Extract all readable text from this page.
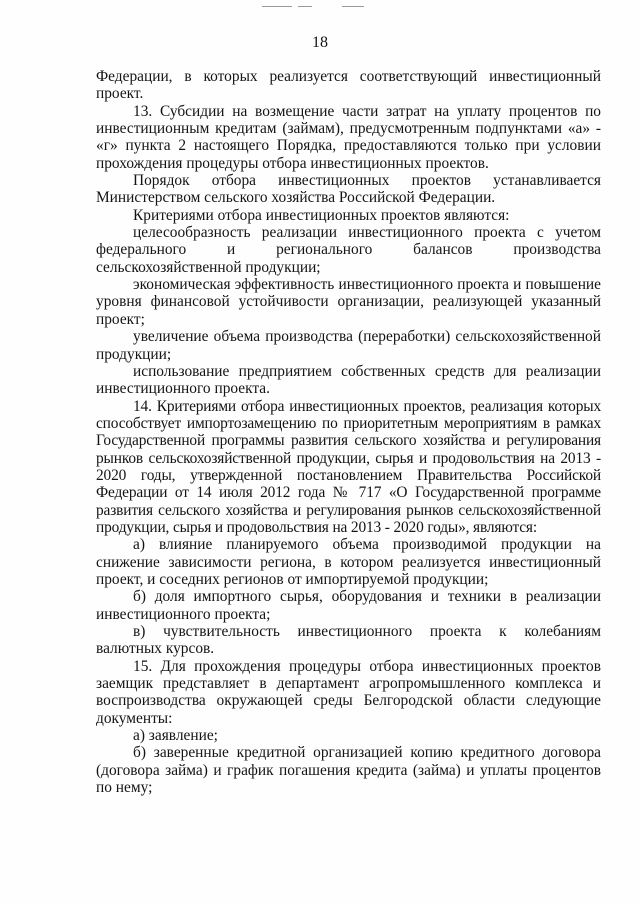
18

Федерации, в которых реализуется соответствующий инвестиционный проект.

13. Субсидии на возмещение части затрат на уплату процентов по инвестиционным кредитам (займам), предусмотренным подпунктами «а» - «г» пункта 2 настоящего Порядка, предоставляются только при условии прохождения процедуры отбора инвестиционных проектов.

Порядок отбора инвестиционных проектов устанавливается Министерством сельского хозяйства Российской Федерации.

Критериями отбора инвестиционных проектов являются:

целесообразность реализации инвестиционного проекта с учетом федерального и регионального балансов производства сельскохозяйственной продукции;

экономическая эффективность инвестиционного проекта и повышение уровня финансовой устойчивости организации, реализующей указанный проект;

увеличение объема производства (переработки) сельскохозяйственной продукции;

использование предприятием собственных средств для реализации инвестиционного проекта.

14. Критериями отбора инвестиционных проектов, реализация которых способствует импортозамещению по приоритетным мероприятиям в рамках Государственной программы развития сельского хозяйства и регулирования рынков сельскохозяйственной продукции, сырья и продовольствия на 2013 - 2020 годы, утвержденной постановлением Правительства Российской Федерации от 14 июля 2012 года № 717 «О Государственной программе развития сельского хозяйства и регулирования рынков сельскохозяйственной продукции, сырья и продовольствия на 2013 - 2020 годы», являются:

а) влияние планируемого объема производимой продукции на снижение зависимости региона, в котором реализуется инвестиционный проект, и соседних регионов от импортируемой продукции;

б) доля импортного сырья, оборудования и техники в реализации инвестиционного проекта;

в) чувствительность инвестиционного проекта к колебаниям валютных курсов.

15. Для прохождения процедуры отбора инвестиционных проектов заемщик представляет в департамент агропромышленного комплекса и воспроизводства окружающей среды Белгородской области следующие документы:

а) заявление;

б) заверенные кредитной организацией копию кредитного договора (договора займа) и график погашения кредита (займа) и уплаты процентов по нему;
